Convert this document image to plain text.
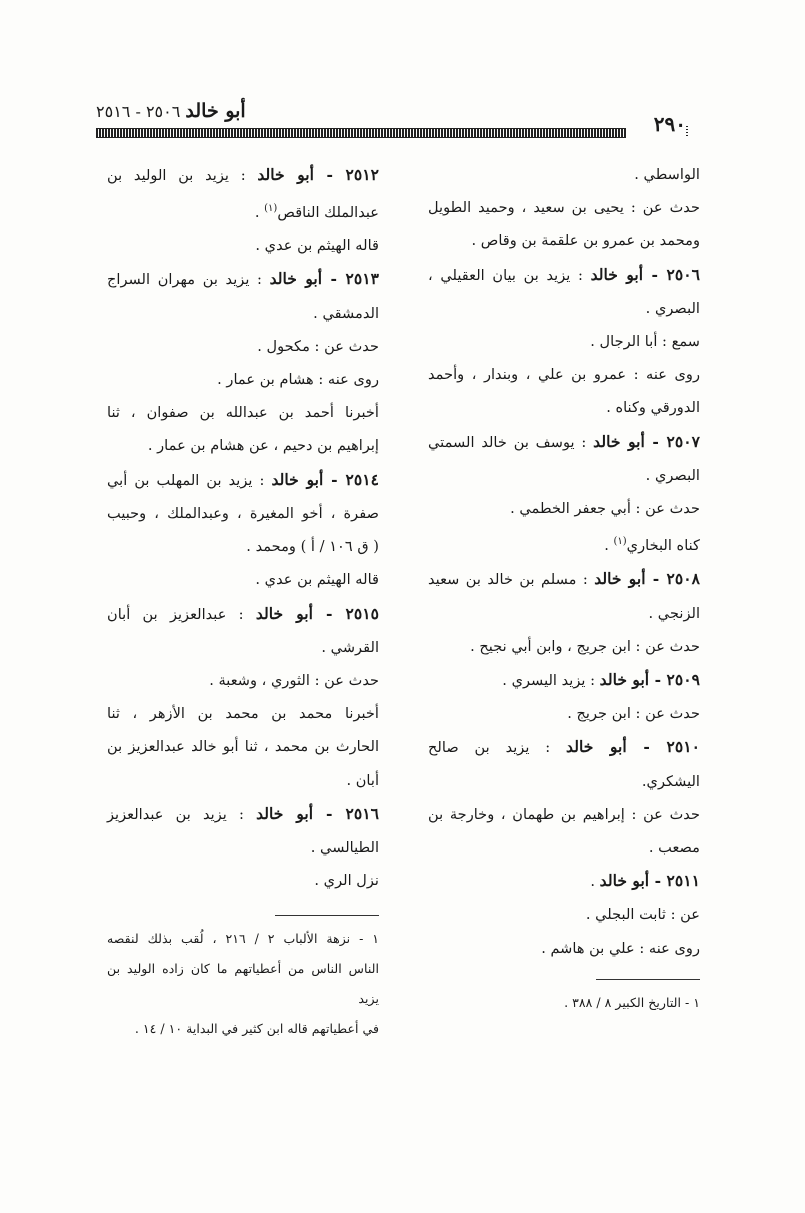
٢٩٠
أبو خالد ٢٥٠٦ - ٢٥١٦
الواسطي .
حدث عن : يحيى بن سعيد ، وحميد الطويل
ومحمد بن عمرو بن علقمة بن وقاص .
٢٥٠٦ - أبو خالد : يزيد بن بيان العقيلي ،
البصري .
سمع : أبا الرجال .
روى عنه : عمرو بن علي ، وبندار ، وأحمد
الدورقي وكناه .
٢٥٠٧ - أبو خالد : يوسف بن خالد السمتي
البصري .
حدث عن : أبي جعفر الخطمي .
كناه البخاري$^{(١)}$ .
٢٥٠٨ - أبو خالد : مسلم بن خالد بن سعيد
الزنجي .
حدث عن : ابن جريج ، وابن أبي نجيح .
٢٥٠٩ - أبو خالد : يزيد اليسري .
حدث عن : ابن جريج .
٢٥١٠ - أبو خالد : يزيد بن صالح
اليشكري.
حدث عن : إبراهيم بن طهمان ، وخارجة بن
مصعب .
٢٥١١ - أبو خالد .
عن : ثابت البجلي .
روى عنه : علي بن هاشم .
١ - التاريخ الكبير ٨ / ٣٨٨ .
٢٥١٢ - أبو خالد : يزيد بن الوليد بن
عبدالملك الناقص$^{(١)}$ .
قاله الهيثم بن عدي .
٢٥١٣ - أبو خالد : يزيد بن مهران السراج
الدمشقي .
حدث عن : مكحول .
روى عنه : هشام بن عمار .
أخبرنا أحمد بن عبدالله بن صفوان ، ثنا
إبراهيم بن دحيم ، عن هشام بن عمار .
٢٥١٤ - أبو خالد : يزيد بن المهلب بن أبي
صفرة ، أخو المغيرة ، وعبدالملك ، وحبيب
( ق ١٠٦ / أ ) ومحمد .
قاله الهيثم بن عدي .
٢٥١٥ - أبو خالد : عبدالعزيز بن أبان
القرشي .
حدث عن : الثوري ، وشعبة .
أخبرنا محمد بن محمد بن الأزهر ، ثنا
الحارث بن محمد ، ثنا أبو خالد عبدالعزيز بن
أبان .
٢٥١٦ - أبو خالد : يزيد بن عبدالعزيز
الطيالسي .
نزل الري .
١ - نزهة الألباب ٢ / ٢١٦ ، لُقب بذلك لنقصه
الناس الناس من أعطياتهم ما كان زاده الوليد بن يزيد
في أعطياتهم قاله ابن كثير في البداية ١٠ / ١٤ .
